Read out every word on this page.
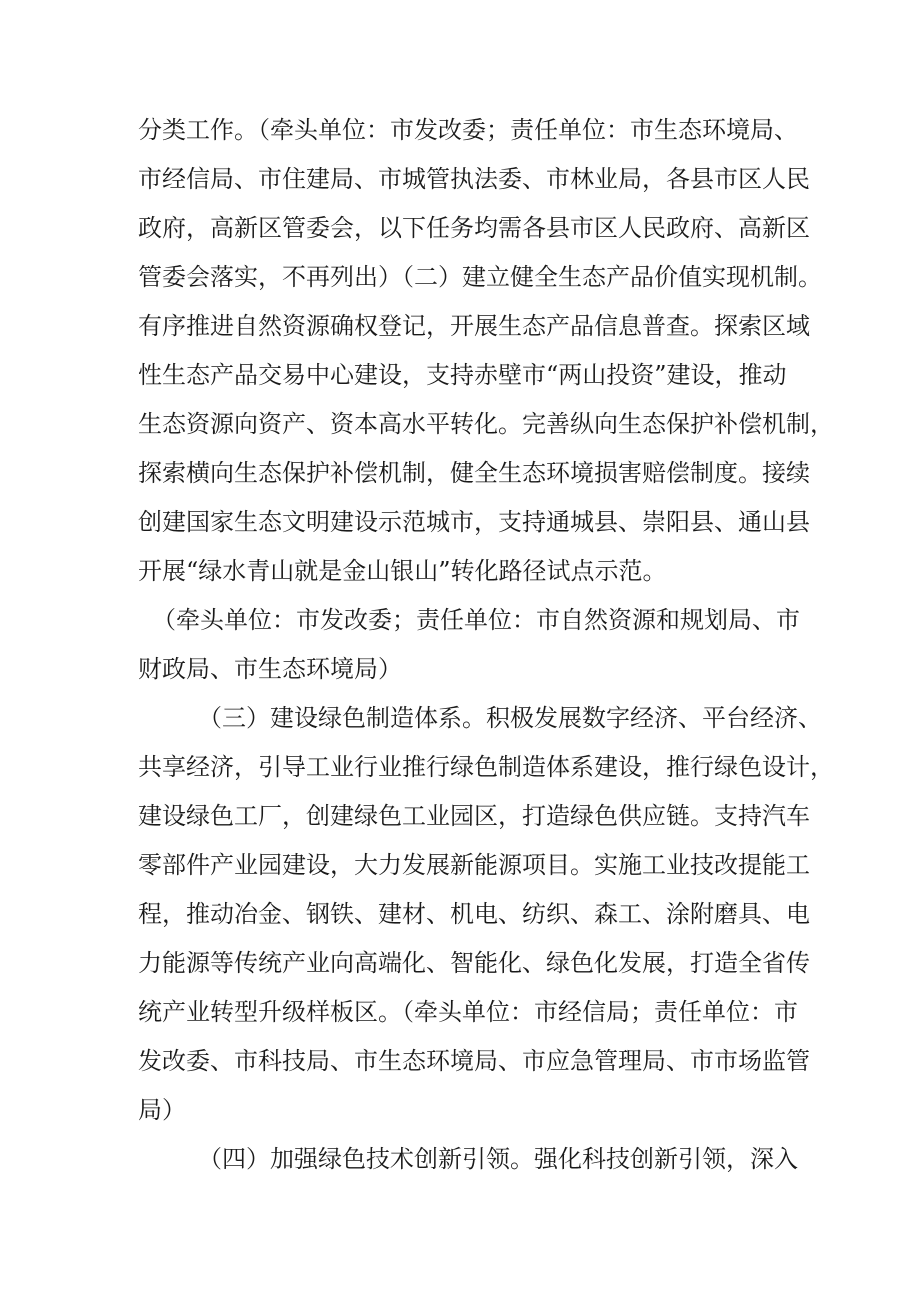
分类工作。（牵头单位：市发改委；责任单位：市生态环境局、
市经信局、市住建局、市城管执法委、市林业局，各县市区人民
政府，高新区管委会，以下任务均需各县市区人民政府、高新区
管委会落实，不再列出）（二）建立健全生态产品价值实现机制。
有序推进自然资源确权登记，开展生态产品信息普查。探索区域
性生态产品交易中心建设，支持赤壁市“两山投资”建设，推动
生态资源向资产、资本高水平转化。完善纵向生态保护补偿机制，
探索横向生态保护补偿机制，健全生态环境损害赔偿制度。接续
创建国家生态文明建设示范城市，支持通城县、崇阳县、通山县
开展“绿水青山就是金山银山”转化路径试点示范。
（牵头单位：市发改委；责任单位：市自然资源和规划局、市
财政局、市生态环境局）
（三）建设绿色制造体系。积极发展数字经济、平台经济、
共享经济，引导工业行业推行绿色制造体系建设，推行绿色设计，
建设绿色工厂，创建绿色工业园区，打造绿色供应链。支持汽车
零部件产业园建设，大力发展新能源项目。实施工业技改提能工
程，推动冶金、钢铁、建材、机电、纺织、森工、涂附磨具、电
力能源等传统产业向高端化、智能化、绿色化发展，打造全省传
统产业转型升级样板区。（牵头单位：市经信局；责任单位：市
发改委、市科技局、市生态环境局、市应急管理局、市市场监管
局）
（四）加强绿色技术创新引领。强化科技创新引领，深入
